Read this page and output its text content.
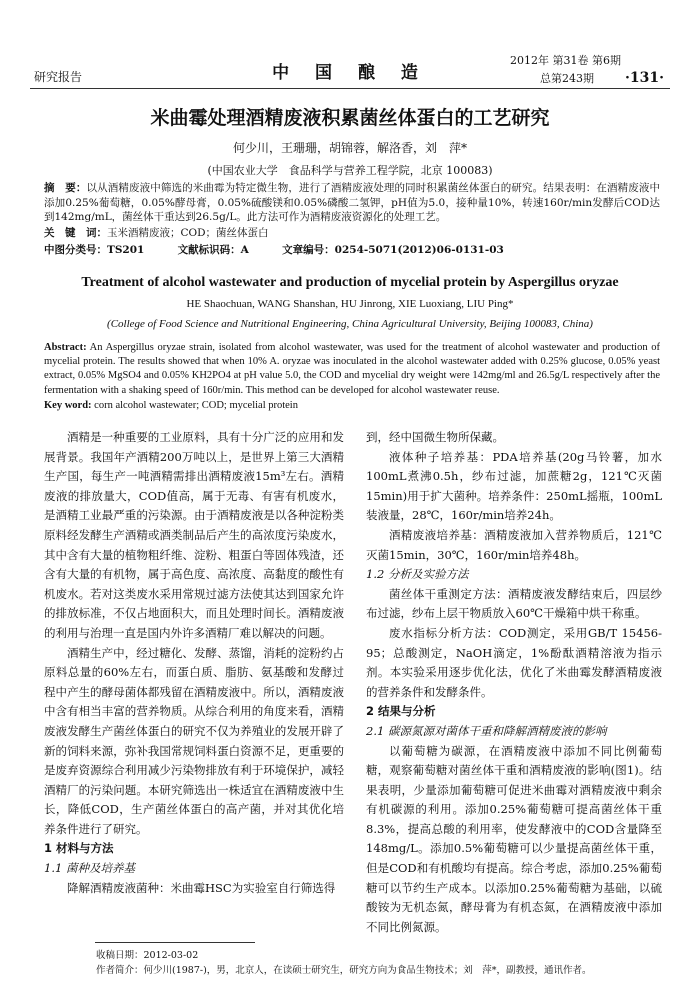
研究报告	中 国 酿 造
2012年 第31卷 第6期
总第243期 ·131·
米曲霉处理酒精废液积累菌丝体蛋白的工艺研究
何少川，王珊珊，胡锦蓉，解洛香，刘　萍*
(中国农业大学　食品科学与营养工程学院，北京 100083)
摘　要：以从酒精废液中筛选的米曲霉为特定微生物，进行了酒精废液处理的同时积累菌丝体蛋白的研究。结果表明：在酒精废液中添加0.25%葡萄糖，0.05%酵母膏，0.05%硫酸镁和0.05%磷酸二氢钾，pH值为5.0，接种量10%，转速160r/min发酵后COD达到142mg/mL，菌丝体干重达到26.5g/L。此方法可作为酒精废液资源化的处理工艺。
关　键　词：玉米酒精废液；COD；菌丝体蛋白
中图分类号：TS201	文献标识码：A	文章编号：0254-5071(2012)06-0131-03
Treatment of alcohol wastewater and production of mycelial protein by Aspergillus oryzae
HE Shaochuan, WANG Shanshan, HU Jinrong, XIE Luoxiang, LIU Ping*
(College of Food Science and Nutritional Engineering, China Agricultural University, Beijing 100083, China)
Abstract: An Aspergillus oryzae strain, isolated from alcohol wastewater, was used for the treatment of alcohol wastewater and production of mycelial protein. The results showed that when 10% A. oryzae was inoculated in the alcohol wastewater added with 0.25% glucose, 0.05% yeast extract, 0.05% MgSO4 and 0.05% KH2PO4 at pH value 5.0, the COD and mycelial dry weight were 142mg/ml and 26.5g/L respectively after the fermentation with a shaking speed of 160r/min. This method can be developed for alcohol wastewater reuse.
Key word: corn alcohol wastewater; COD; mycelial protein

酒精是一种重要的工业原料，具有十分广泛的应用和发展背景。我国年产酒精200万吨以上，是世界上第三大酒精生产国，每生产一吨酒精需排出酒精废液15m³左右。酒精废液的排放量大，COD值高，属于无毒、有害有机废水，是酒精工业最严重的污染源。由于酒精废液是以各种淀粉类原料经发酵生产酒精或酒类制品后产生的高浓度污染废水，其中含有大量的植物粗纤维、淀粉、粗蛋白等固体残渣，还含有大量的有机物，属于高色度、高浓度、高黏度的酸性有机废水。若对这类废水采用常规过滤方法使其达到国家允许的排放标准，不仅占地面积大，而且处理时间长。酒精废液的利用与治理一直是国内外许多酒精厂难以解决的问题。

酒精生产中，经过糖化、发酵、蒸馏，消耗的淀粉约占原料总量的60%左右，而蛋白质、脂肪、氨基酸和发酵过程中产生的酵母菌体都残留在酒精废液中。所以，酒精废液中含有相当丰富的营养物质。从综合利用的角度来看，酒精废液发酵生产菌丝体蛋白的研究不仅为养殖业的发展开辟了新的饲料来源，弥补我国常规饲料蛋白资源不足，更重要的是废弃资源综合利用减少污染物排放有利于环境保护，减轻酒精厂的污染问题。本研究筛选出一株适宜在酒精废液中生长，降低COD，生产菌丝体蛋白的高产菌，并对其优化培养条件进行了研究。

1 材料与方法
1.1 菌种及培养基

降解酒精废液菌种：米曲霉HSC为实验室自行筛选得

到，经中国微生物所保藏。

液体种子培养基：PDA培养基(20g马铃薯，加水100mL煮沸0.5h，纱布过滤，加蔗糖2g，121℃灭菌15min)用于扩大菌种。培养条件：250mL摇瓶，100mL装液量，28℃，160r/min培养24h。

酒精废液培养基：酒精废液加入营养物质后，121℃灭菌15min，30℃，160r/min培养48h。

1.2 分析及实验方法

菌丝体干重测定方法：酒精废液发酵结束后，四层纱布过滤，纱布上层干物质放入60℃干燥箱中烘干称重。

废水指标分析方法：COD测定，采用GB/T 15456-95；总酸测定，NaOH滴定，1%酚酞酒精溶液为指示剂。本实验采用逐步优化法，优化了米曲霉发酵酒精废液的营养条件和发酵条件。

2 结果与分析
2.1 碳源氮源对菌体干重和降解酒精废液的影响

以葡萄糖为碳源，在酒精废液中添加不同比例葡萄糖，观察葡萄糖对菌丝体干重和酒精废液的影响(图1)。结果表明，少量添加葡萄糖可促进米曲霉对酒精废液中剩余有机碳源的利用。添加0.25%葡萄糖可提高菌丝体干重8.3%，提高总酸的利用率，使发酵液中的COD含量降至148mg/L。添加0.5%葡萄糖可以少量提高菌丝体干重，但是COD和有机酸均有提高。综合考虑，添加0.25%葡萄糖可以节约生产成本。以添加0.25%葡萄糖为基础，以硫酸铵为无机态氮，酵母膏为有机态氮，在酒精废液中添加不同比例氮源。

收稿日期：2012-03-02
作者简介：何少川(1987-)，男，北京人，在读硕士研究生，研究方向为食品生物技术；刘　萍*，副教授，通讯作者。
